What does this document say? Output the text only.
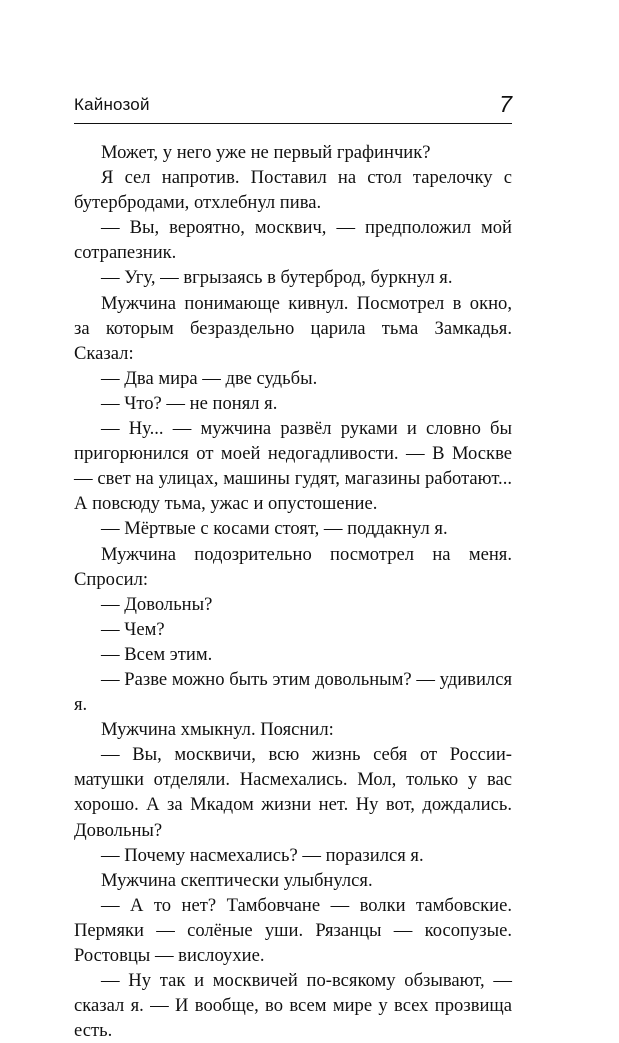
Кайнозой	7

Может, у него уже не первый графинчик?

Я сел напротив. Поставил на стол тарелочку с бутербродами, отхлебнул пива.

— Вы, вероятно, москвич, — предположил мой сотрапезник.

— Угу, — вгрызаясь в бутерброд, буркнул я.

Мужчина понимающе кивнул. Посмотрел в окно, за которым безраздельно царила тьма Замкадья. Сказал:

— Два мира — две судьбы.

— Что? — не понял я.

— Ну... — мужчина развёл руками и словно бы пригорюнился от моей недогадливости. — В Москве — свет на улицах, машины гудят, магазины работают... А повсюду тьма, ужас и опустошение.

— Мёртвые с косами стоят, — поддакнул я.

Мужчина подозрительно посмотрел на меня. Спросил:

— Довольны?

— Чем?

— Всем этим.

— Разве можно быть этим довольным? — удивился я.

Мужчина хмыкнул. Пояснил:

— Вы, москвичи, всю жизнь себя от России-матушки отделяли. Насмехались. Мол, только у вас хорошо. А за Мкадом жизни нет. Ну вот, дождались. Довольны?

— Почему насмехались? — поразился я.

Мужчина скептически улыбнулся.

— А то нет? Тамбовчане — волки тамбовские. Пермяки — солёные уши. Рязанцы — косопузые. Ростовцы — вислоухие.

— Ну так и москвичей по-всякому обзывают, — сказал я. — И вообще, во всем мире у всех прозвища есть.
